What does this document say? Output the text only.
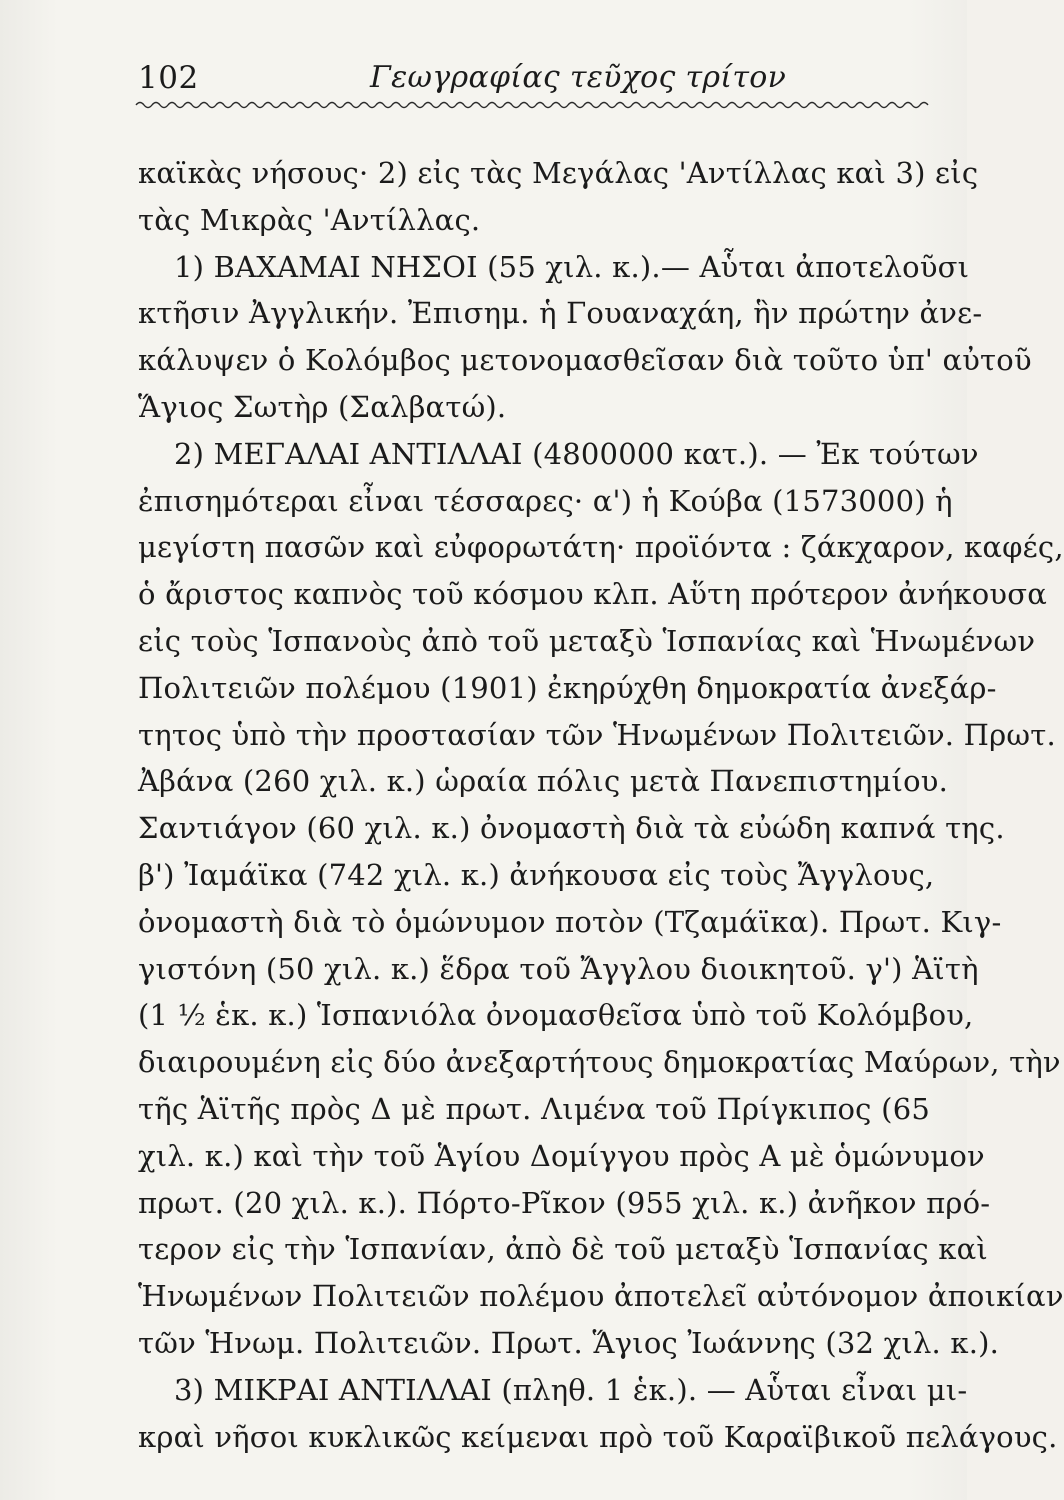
102	Γεωγραφίας τεῦχος τρίτον
καϊκὰς νήσους· 2) εἰς τὰς Μεγάλας 'Αντίλλας καὶ 3) εἰς
τὰς Μικρὰς 'Αντίλλας.
1) ΒΑΧΑΜΑΙ ΝΗΣΟΙ (55 χιλ. κ.).— Αὗται ἀποτελοῦσι
κτῆσιν Ἀγγλικήν. Ἐπισημ. ἡ Γουαναχάη, ἣν πρώτην ἀνε-
κάλυψεν ὁ Κολόμβος μετονομασθεῖσαν διὰ τοῦτο ὑπ' αὐτοῦ
Ἅγιος Σωτὴρ (Σαλβατώ).
2) ΜΕΓΑΛΑΙ ΑΝΤΙΛΛΑΙ (4800000 κατ.). — Ἐκ τούτων
ἐπισημότεραι εἶναι τέσσαρες· α') ἡ Κούβα (1573000) ἡ
μεγίστη πασῶν καὶ εὐφορωτάτη· προϊόντα : ζάκχαρον, καφές,
ὁ ἄριστος καπνὸς τοῦ κόσμου κλπ. Αὕτη πρότερον ἀνήκουσα
εἰς τοὺς Ἱσπανοὺς ἀπὸ τοῦ μεταξὺ Ἱσπανίας καὶ Ἡνωμένων
Πολιτειῶν πολέμου (1901) ἐκηρύχθη δημοκρατία ἀνεξάρ-
τητος ὑπὸ τὴν προστασίαν τῶν Ἡνωμένων Πολιτειῶν. Πρωτ.
Ἀβάνα (260 χιλ. κ.) ὡραία πόλις μετὰ Πανεπιστημίου.
Σαντιάγον (60 χιλ. κ.) ὀνομαστὴ διὰ τὰ εὐώδη καπνά της.
β') Ἰαμάϊκα (742 χιλ. κ.) ἀνήκουσα εἰς τοὺς Ἄγγλους,
ὀνομαστὴ διὰ τὸ ὁμώνυμον ποτὸν (Τζαμάϊκα). Πρωτ. Κιγ-
γιστόνη (50 χιλ. κ.) ἕδρα τοῦ Ἄγγλου διοικητοῦ. γ') Ἁϊτὴ
(1 ½ ἑκ. κ.) Ἱσπανιόλα ὀνομασθεῖσα ὑπὸ τοῦ Κολόμβου,
διαιρουμένη εἰς δύο ἀνεξαρτήτους δημοκρατίας Μαύρων, τὴν
τῆς Ἁϊτῆς πρὸς Δ μὲ πρωτ. Λιμένα τοῦ Πρίγκιπος (65
χιλ. κ.) καὶ τὴν τοῦ Ἁγίου Δομίγγου πρὸς Α μὲ ὁμώνυμον
πρωτ. (20 χιλ. κ.). Πόρτο-Ρῖκον (955 χιλ. κ.) ἀνῆκον πρό-
τερον εἰς τὴν Ἱσπανίαν, ἀπὸ δὲ τοῦ μεταξὺ Ἱσπανίας καὶ
Ἡνωμένων Πολιτειῶν πολέμου ἀποτελεῖ αὐτόνομον ἀποικίαν
τῶν Ἡνωμ. Πολιτειῶν. Πρωτ. Ἅγιος Ἰωάννης (32 χιλ. κ.).
3) ΜΙΚΡΑΙ ΑΝΤΙΛΛΑΙ (πληθ. 1 ἑκ.). — Αὗται εἶναι μι-
κραὶ νῆσοι κυκλικῶς κείμεναι πρὸ τοῦ Καραϊβικοῦ πελάγους.
